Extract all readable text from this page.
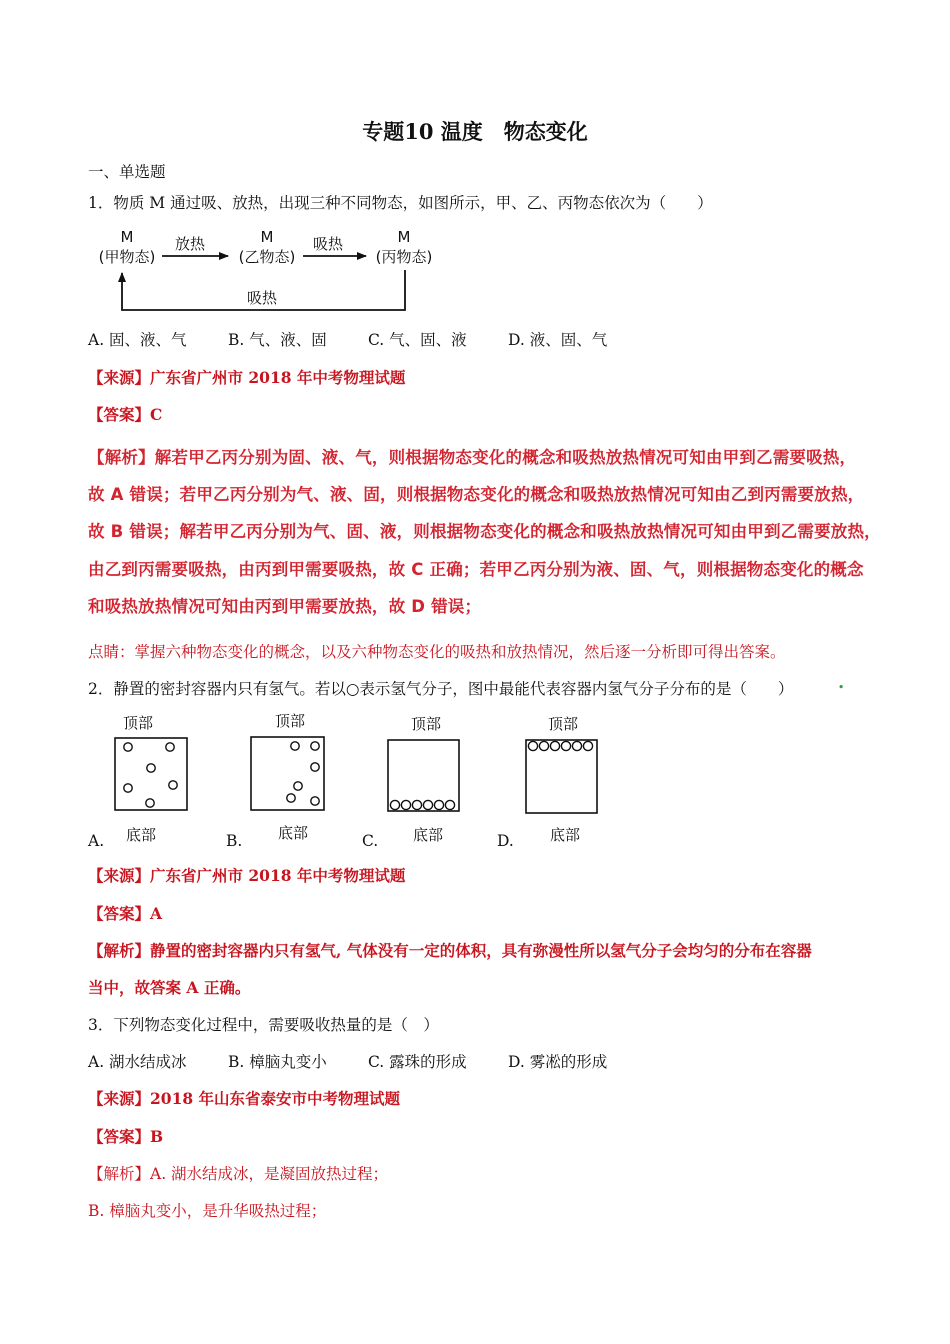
专题10 温度　物态变化
一、单选题
1．物质 M 通过吸、放热，出现三种不同物态，如图所示，甲、乙、丙物态依次为（　　）
M
(甲物态)
M
(乙物态)
M
(丙物态)
放热	吸热
吸热
A. 固、液、气	B. 气、液、固	C. 气、固、液	D. 液、固、气
【来源】广东省广州市 2018 年中考物理试题
【答案】C
【解析】解若甲乙丙分别为固、液、气，则根据物态变化的概念和吸热放热情况可知由甲到乙需要吸热，
故 A 错误；若甲乙丙分别为气、液、固，则根据物态变化的概念和吸热放热情况可知由乙到丙需要放热，
故 B 错误；解若甲乙丙分别为气、固、液，则根据物态变化的概念和吸热放热情况可知由甲到乙需要放热，
由乙到丙需要吸热，由丙到甲需要吸热，故 C 正确；若甲乙丙分别为液、固、气，则根据物态变化的概念
和吸热放热情况可知由丙到甲需要放热，故 D 错误；
点睛：掌握六种物态变化的概念，以及六种物态变化的吸热和放热情况，然后逐一分析即可得出答案。
2．静置的密封容器内只有氢气。若以○表示氢气分子，图中最能代表容器内氢气分子分布的是（　　） .
顶部
底部
顶部
底部
顶部
底部
顶部
底部
A.	B.	C.	D.
【来源】广东省广州市 2018 年中考物理试题
【答案】A
【解析】静置的密封容器内只有氢气, 气体没有一定的体积，具有弥漫性所以氢气分子会均匀的分布在容器
当中，故答案 A 正确。
3．下列物态变化过程中，需要吸收热量的是（　）
A. 湖水结成冰	B. 樟脑丸变小	C. 露珠的形成	D. 雾凇的形成
【来源】2018 年山东省泰安市中考物理试题
【答案】B
【解析】A. 湖水结成冰，是凝固放热过程；
B. 樟脑丸变小，是升华吸热过程；
